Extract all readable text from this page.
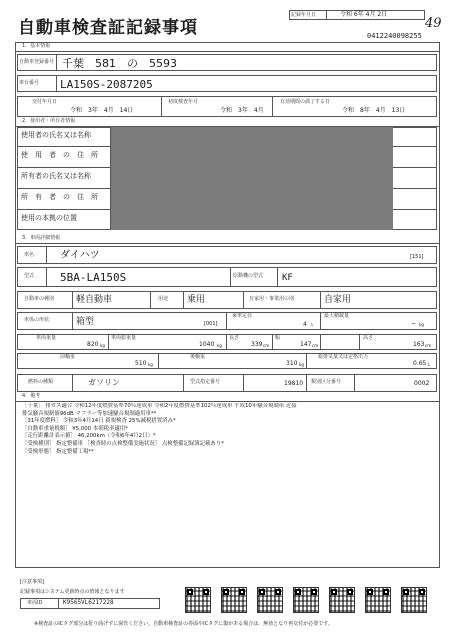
自動車検査証記録事項
記録年月日	令和 6年 4月 2日
0412240098255
49
1．基本情報
自動車登録番号 千葉　581　の　5593
車台番号 LA150S-2087205
交付年月日
令和　3年　4月　14日
初度検査年月
令和　3年　4月
有効期間の満了する日
令和　8年　4月　13日
2．使用者・所有者情報
使用者の氏名又は名称
使　用　者　の　住　所
所有者の氏名又は名称
所　有　者　の　住　所
使用の本拠の位置
3．車両詳細情報
車名	ダイハツ	[151]
型式 5BA-LA150S	原動機の型式 KF
自動車の種別 軽自動車	用途 乗用	自家用・事業用の別	自家用
車体の形状	箱型	[001]
乗車定員
4 人
最大積載量
− kg
車両重量
820 kg
車両総重量
1040 kg
長さ
339 cm
幅
147 cm
高さ
163 cm
前軸重
510 kg
後軸重
310 kg
総排気量又は定格出力
0.65 L
燃料の種類	ガソリン	型式指定番号	19810 類別区分番号	0002
4．備考
［千葉］ 排ガス適合 令和12年度燃費基準70％達成車 令和2年度燃費基準102％達成車 平成10年騒音規制車 近接
排気騒音規制値96dB マフラー等加速騒音規制適用車**
［31年度燃料］ 令和3年4月14日 新規検査 25%減税措置済み*
［自動車重量税額］ ¥5,000 本則税率適用*
［走行距離計表示値］ 46,200km（令和6年4月2日）*
［受検種別］ 指定整備車 ［検査時の点検整備実施状況］ 点検整備記録簿記載あり*
［受検形態］ 指定整備工場**
[注意事項]
記録事項はシステム更新時点の情報となります
車両ID	K9565VL6217228
※検査証のICタグ部分は折り曲げずに保管ください。自動車検査証の券面やICタグに傷がある場合は、無効となり再交付が必要です。
